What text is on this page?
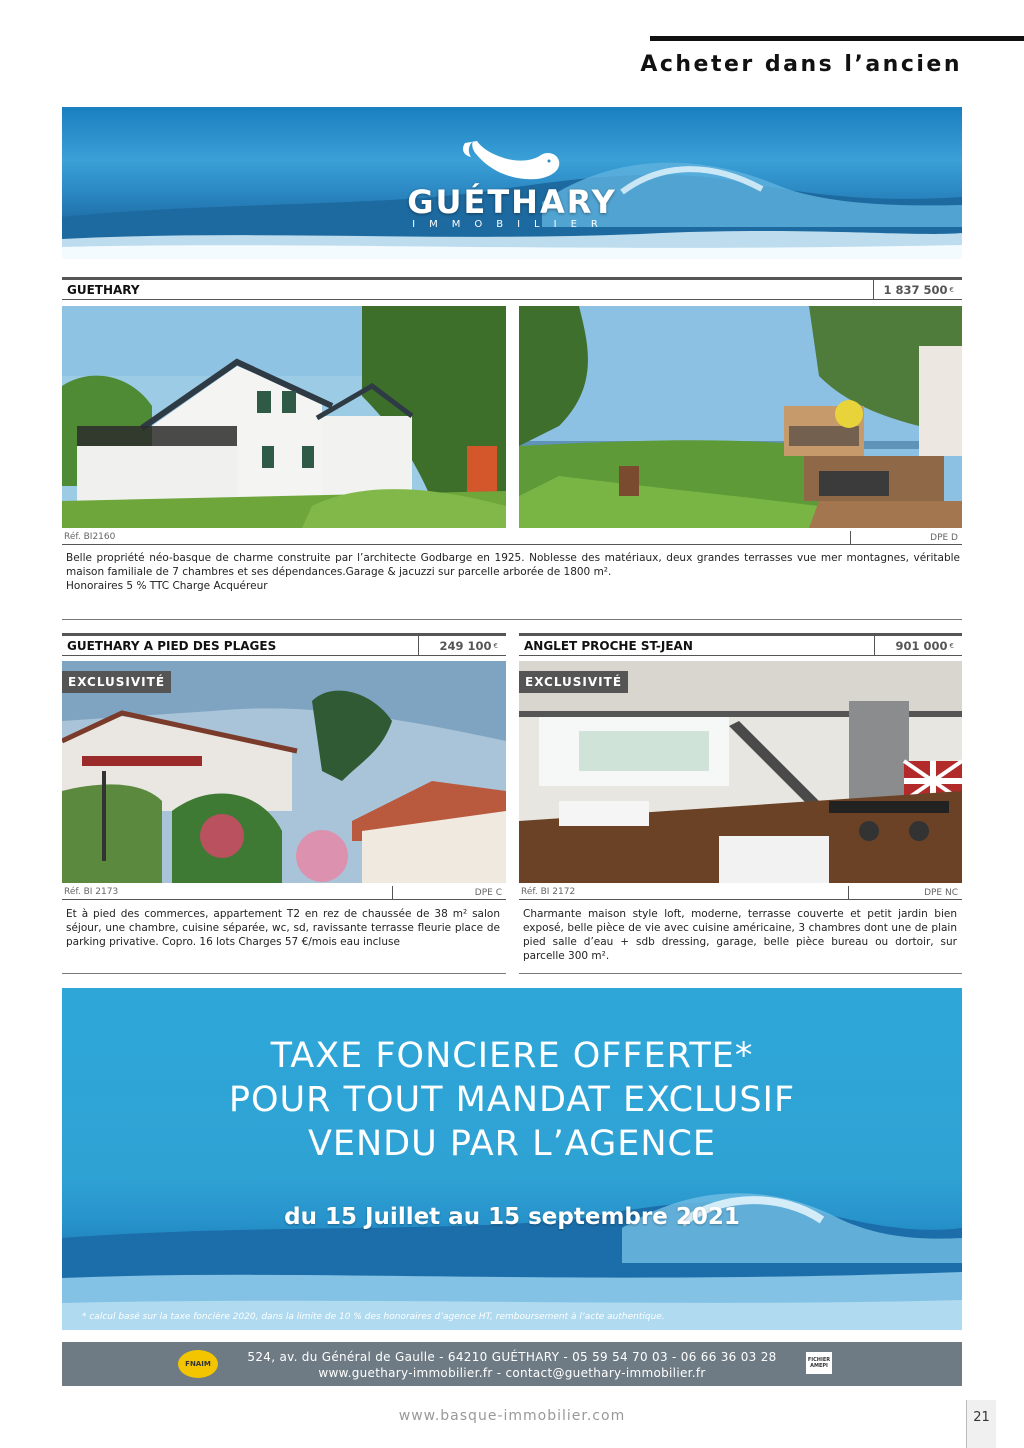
Acheter dans l’ancien
GUÉTHARY
IMMOBILIER
GUETHARY	1 837 500 €
Réf. BI2160	DPE D
Belle propriété néo-basque de charme construite par l’architecte Godbarge en 1925. Noblesse des matériaux, deux grandes terrasses vue mer montagnes, véritable maison familiale de 7 chambres et ses dépendances.Garage & jacuzzi sur parcelle arborée de 1800 m².
Honoraires 5 % TTC Charge Acquéreur
GUETHARY A PIED DES PLAGES	249 100 €
EXCLUSIVITÉ
Réf. BI 2173	DPE C
Et à pied des commerces, appartement T2 en rez de chaussée de 38 m² salon séjour, une chambre, cuisine séparée, wc, sd, ravissante terrasse fleurie place de parking privative. Copro. 16 lots Charges 57 €/mois eau incluse
ANGLET PROCHE ST-JEAN	901 000 €
EXCLUSIVITÉ
Réf. BI 2172	DPE NC
Charmante maison style loft, moderne, terrasse couverte et petit jardin bien exposé, belle pièce de vie avec cuisine américaine, 3 chambres dont une de plain pied salle d’eau + sdb dressing, garage, belle pièce bureau ou dortoir, sur parcelle 300 m².
TAXE FONCIERE OFFERTE*
POUR TOUT MANDAT EXCLUSIF
VENDU PAR L’AGENCE
du 15 Juillet au 15 septembre 2021
* calcul basé sur la taxe foncière 2020, dans la limite de 10 % des honoraires d’agence HT, remboursement à l’acte authentique.
FNAIM	524, av. du Général de Gaulle - 64210 GUÉTHARY - 05 59 54 70 03 - 06 66 36 03 28
www.guethary-immobilier.fr - contact@guethary-immobilier.fr
FICHIER AMEPI
www.basque-immobilier.com	21
